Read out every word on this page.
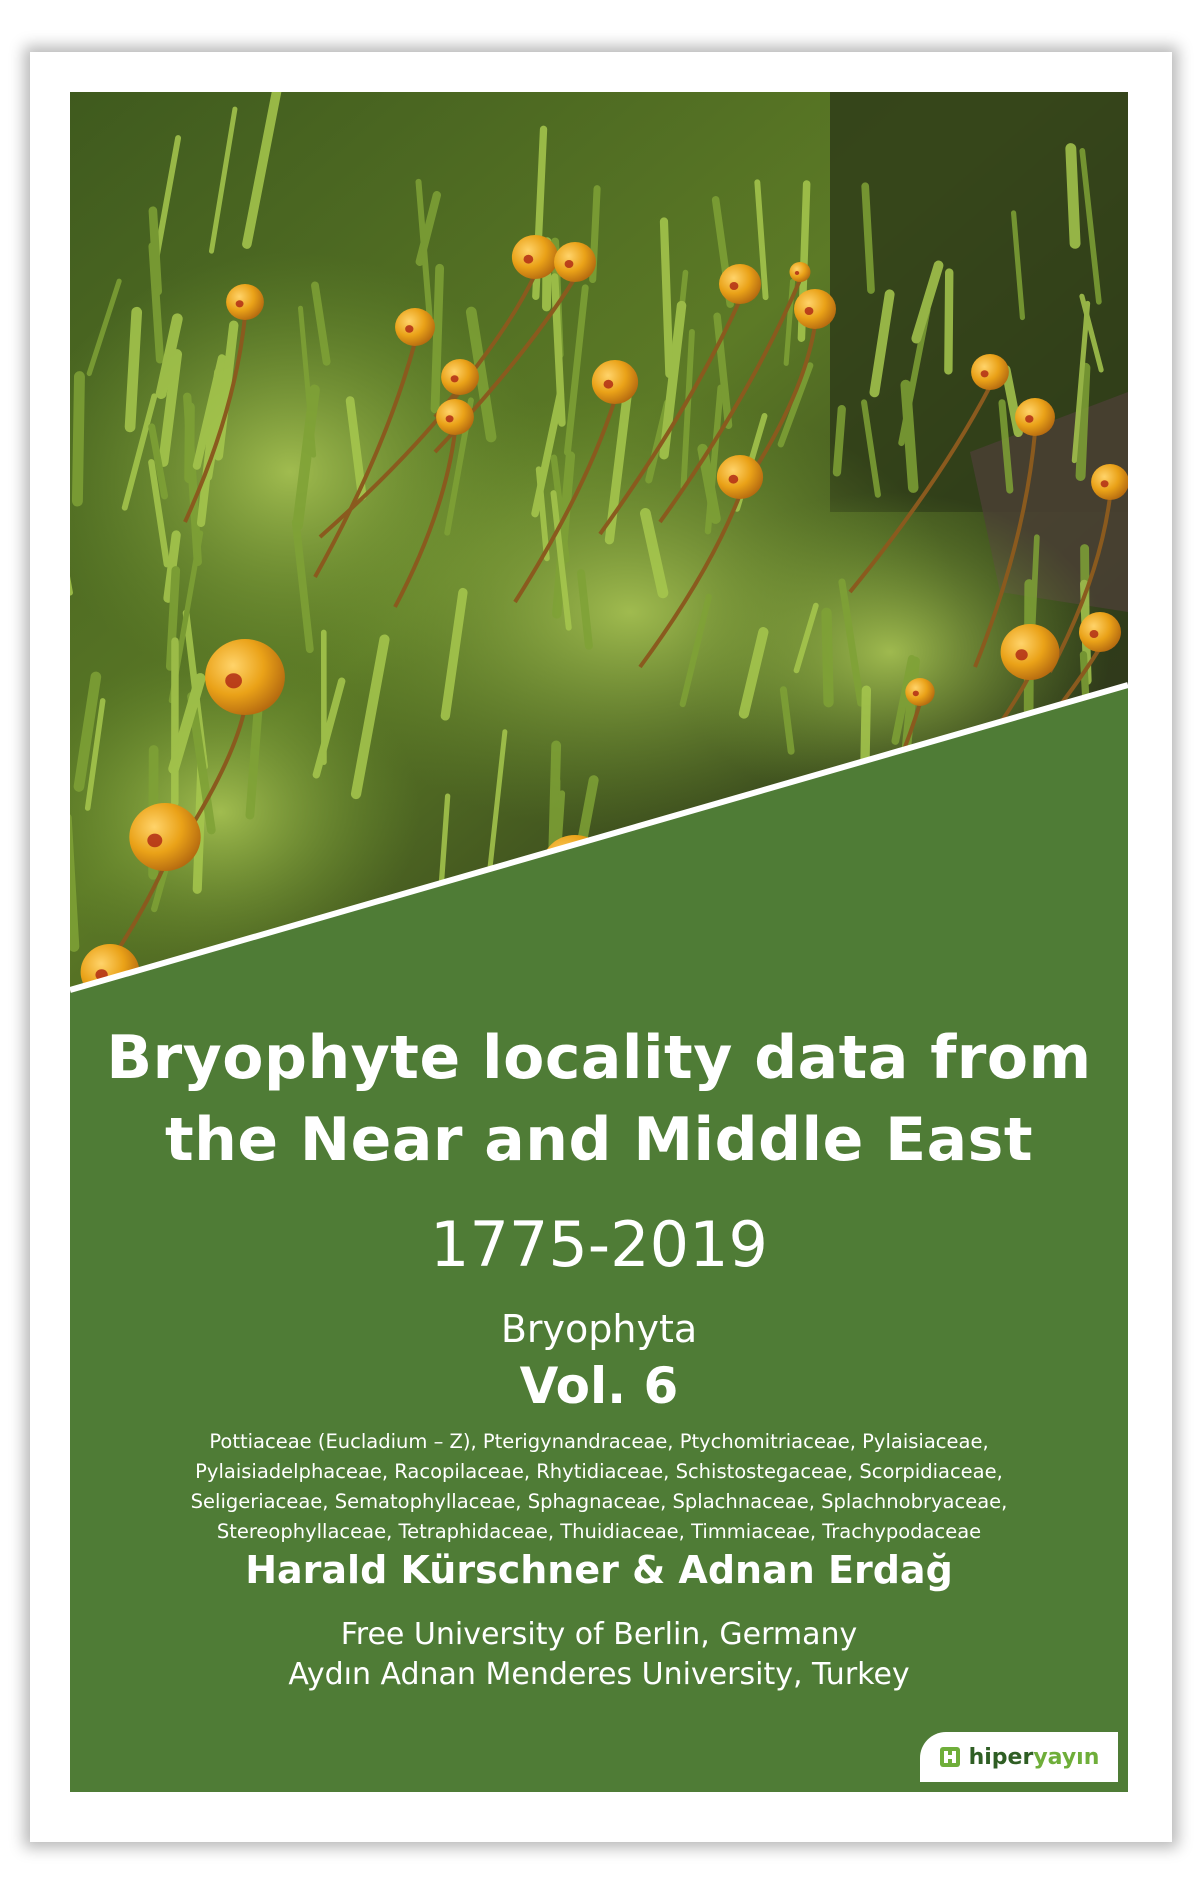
Bryophyte locality data from
the Near and Middle East
1775-2019
Bryophyta
Vol. 6
Pottiaceae (Eucladium – Z), Pterigynandraceae, Ptychomitriaceae, Pylaisiaceae,
Pylaisiadelphaceae, Racopilaceae, Rhytidiaceae, Schistostegaceae, Scorpidiaceae,
Seligeriaceae, Sematophyllaceae, Sphagnaceae, Splachnaceae, Splachnobryaceae,
Stereophyllaceae, Tetraphidaceae, Thuidiaceae, Timmiaceae, Trachypodaceae
Harald Kürschner & Adnan Erdağ
Free University of Berlin, Germany
Aydın Adnan Menderes University, Turkey
hiperyayın
